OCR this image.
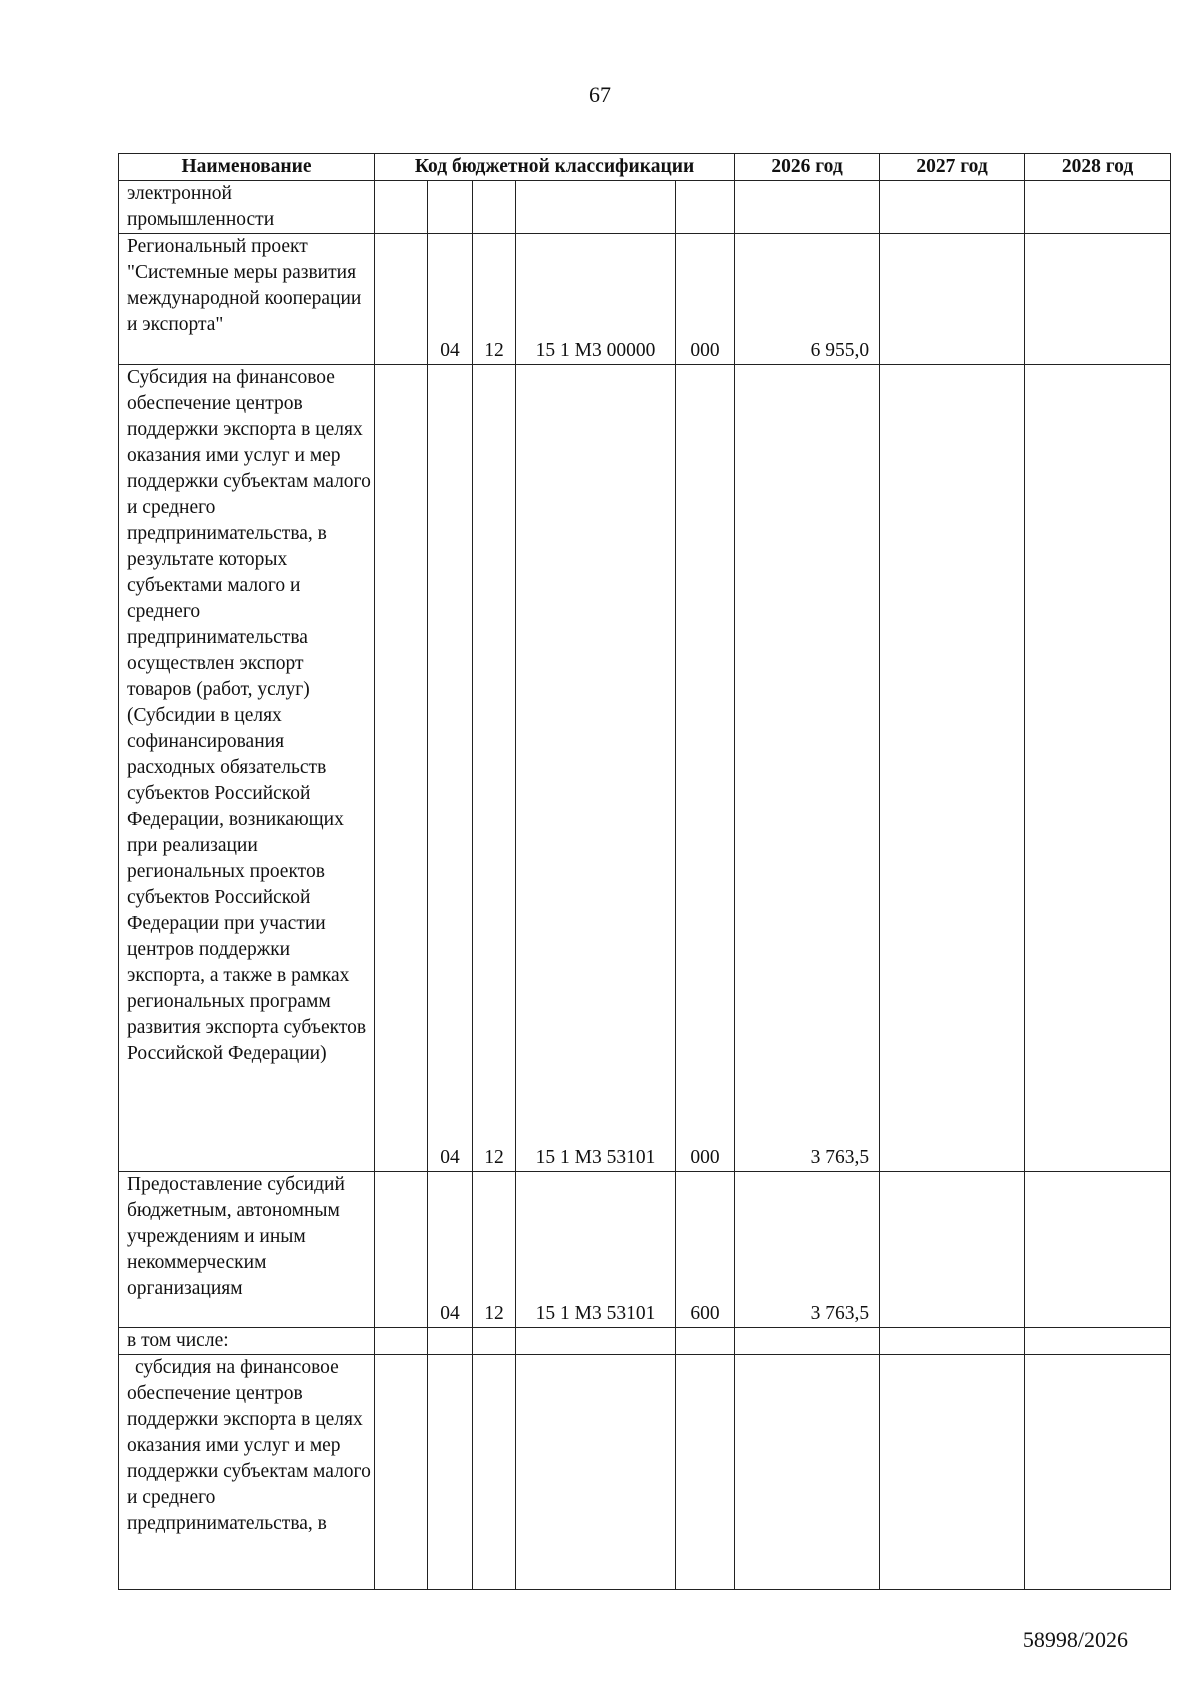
67
Наименование	Код бюджетной классификации					2026 год	2027 год	2028 год
электронной промышленности								
Региональный проект "Системные меры развития международной кооперации и экспорта"		04	12	15 1 М3 00000	000	6 955,0		
Субсидия на финансовое обеспечение центров поддержки экспорта в целях оказания ими услуг и мер поддержки субъектам малого и среднего предпринимательства, в результате которых субъектами малого и среднего предпринимательства осуществлен экспорт товаров (работ, услуг) (Субсидии в целях софинансирования расходных обязательств субъектов Российской Федерации, возникающих при реализации региональных проектов субъектов Российской Федерации при участии центров поддержки экспорта, а также в рамках региональных программ развития экспорта субъектов Российской Федерации)		04	12	15 1 М3 53101	000	3 763,5		
Предоставление субсидий бюджетным, автономным учреждениям и иным некоммерческим организациям		04	12	15 1 М3 53101	600	3 763,5		
в том числе:								
субсидия на финансовое обеспечение центров поддержки экспорта в целях оказания ими услуг и мер поддержки субъектам малого и среднего предпринимательства, в								
58998/2026
